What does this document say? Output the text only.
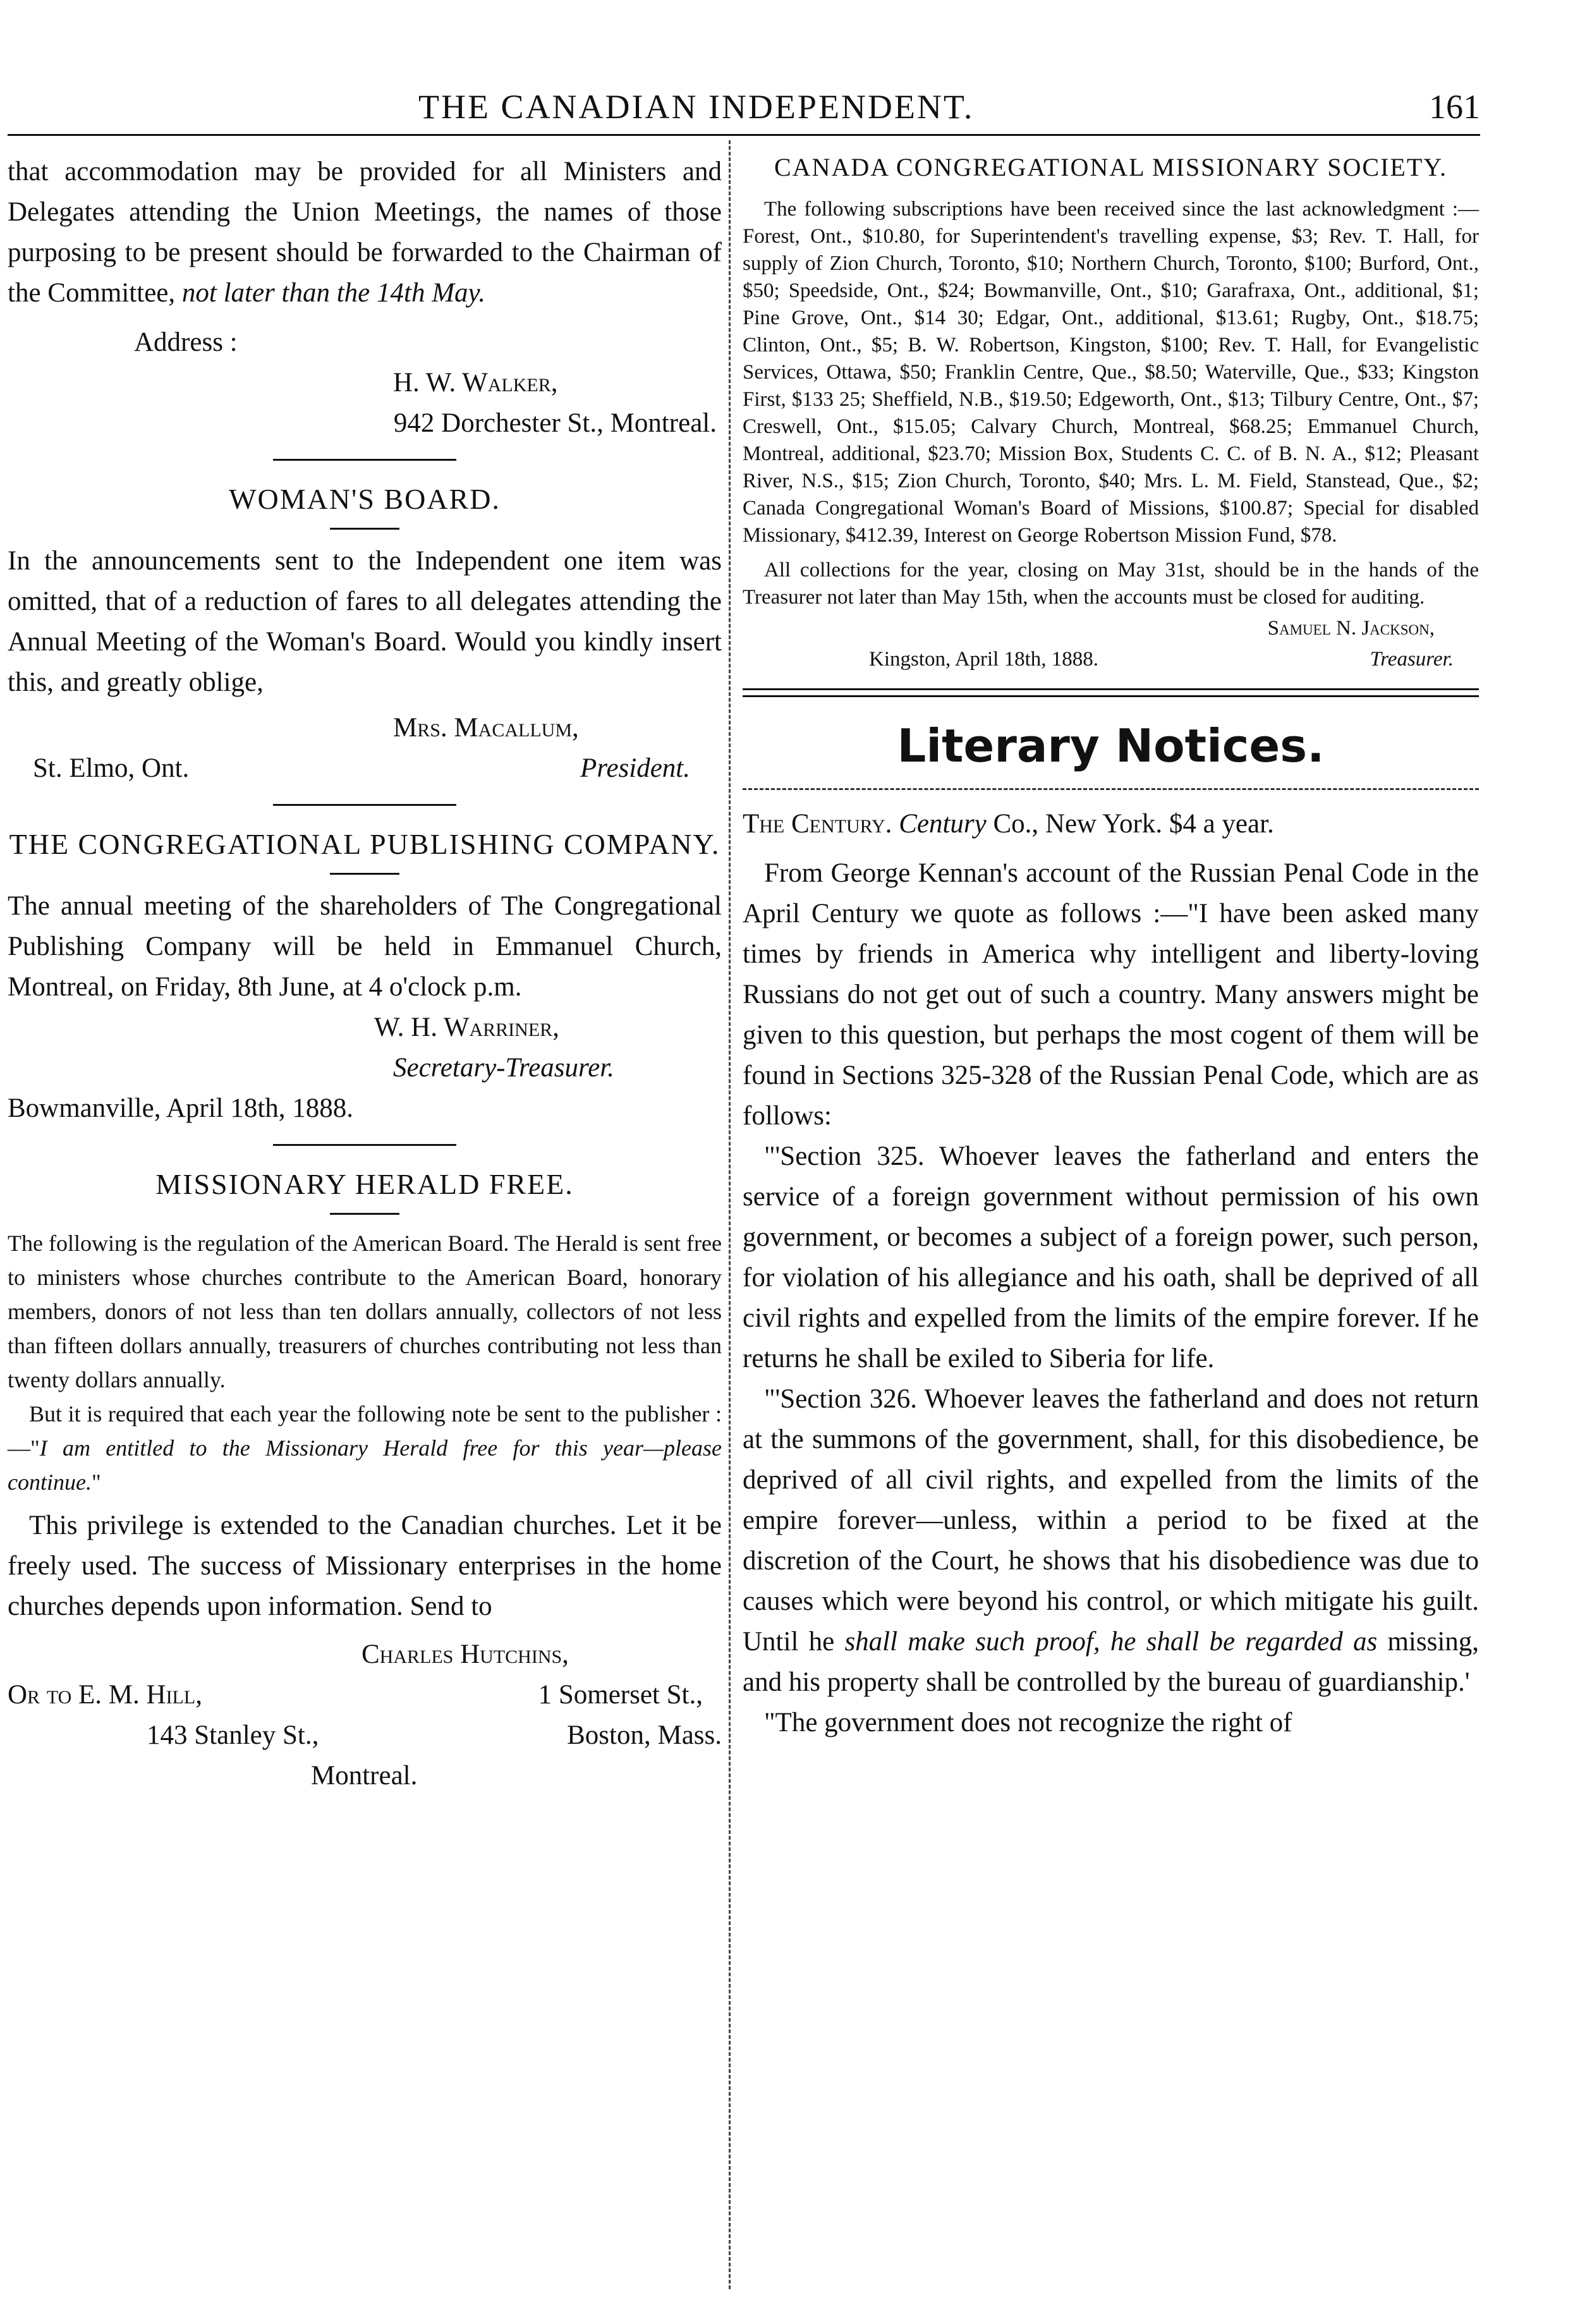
THE CANADIAN INDEPENDENT.	161

that accommodation may be provided for all Ministers and Delegates attending the Union Meetings, the names of those purposing to be present should be forwarded to the Chairman of the Committee, not later than the 14th May.

Address :

H. W. Walker,

942 Dorchester St., Montreal.

WOMAN'S BOARD.

In the announcements sent to the Independent one item was omitted, that of a reduction of fares to all delegates attending the Annual Meeting of the Woman's Board. Would you kindly insert this, and greatly oblige,

Mrs. Macallum,

St. Elmo, Ont.	President.

THE CONGREGATIONAL PUBLISHING COMPANY.

The annual meeting of the shareholders of The Congregational Publishing Company will be held in Emmanuel Church, Montreal, on Friday, 8th June, at 4 o'clock p.m.

W. H. Warriner,

Secretary-Treasurer.

Bowmanville, April 18th, 1888.

MISSIONARY HERALD FREE.

The following is the regulation of the American Board. The Herald is sent free to ministers whose churches contribute to the American Board, honorary members, donors of not less than ten dollars annually, collectors of not less than fifteen dollars annually, treasurers of churches contributing not less than twenty dollars annually.

But it is required that each year the following note be sent to the publisher :—"I am entitled to the Missionary Herald free for this year—please continue."

This privilege is extended to the Canadian churches. Let it be freely used. The success of Missionary enterprises in the home churches depends upon information. Send to

Charles Hutchins,

Or to E. M. Hill,	1 Somerset St.,
143 Stanley St.,	Boston, Mass.

Montreal.

CANADA CONGREGATIONAL MISSIONARY SOCIETY.

The following subscriptions have been received since the last acknowledgment :—Forest, Ont., $10.80, for Superintendent's travelling expense, $3; Rev. T. Hall, for supply of Zion Church, Toronto, $10; Northern Church, Toronto, $100; Burford, Ont., $50; Speedside, Ont., $24; Bowmanville, Ont., $10; Garafraxa, Ont., additional, $1; Pine Grove, Ont., $14 30; Edgar, Ont., additional, $13.61; Rugby, Ont., $18.75; Clinton, Ont., $5; B. W. Robertson, Kingston, $100; Rev. T. Hall, for Evangelistic Services, Ottawa, $50; Franklin Centre, Que., $8.50; Waterville, Que., $33; Kingston First, $133 25; Sheffield, N.B., $19.50; Edgeworth, Ont., $13; Tilbury Centre, Ont., $7; Creswell, Ont., $15.05; Calvary Church, Montreal, $68.25; Emmanuel Church, Montreal, additional, $23.70; Mission Box, Students C. C. of B. N. A., $12; Pleasant River, N.S., $15; Zion Church, Toronto, $40; Mrs. L. M. Field, Stanstead, Que., $2; Canada Congregational Woman's Board of Missions, $100.87; Special for disabled Missionary, $412.39, Interest on George Robertson Mission Fund, $78.

All collections for the year, closing on May 31st, should be in the hands of the Treasurer not later than May 15th, when the accounts must be closed for auditing.

Samuel N. Jackson,

Kingston, April 18th, 1888.	Treasurer.

Literary Notices.

The Century. Century Co., New York. $4 a year.

From George Kennan's account of the Russian Penal Code in the April Century we quote as follows :—"I have been asked many times by friends in America why intelligent and liberty-loving Russians do not get out of such a country. Many answers might be given to this question, but perhaps the most cogent of them will be found in Sections 325-328 of the Russian Penal Code, which are as follows:

"'Section 325. Whoever leaves the fatherland and enters the service of a foreign government without permission of his own government, or becomes a subject of a foreign power, such person, for violation of his allegiance and his oath, shall be deprived of all civil rights and expelled from the limits of the empire forever. If he returns he shall be exiled to Siberia for life.

"'Section 326. Whoever leaves the fatherland and does not return at the summons of the government, shall, for this disobedience, be deprived of all civil rights, and expelled from the limits of the empire forever—unless, within a period to be fixed at the discretion of the Court, he shows that his disobedience was due to causes which were beyond his control, or which mitigate his guilt. Until he shall make such proof, he shall be regarded as missing, and his property shall be controlled by the bureau of guardianship.'

"The government does not recognize the right of
